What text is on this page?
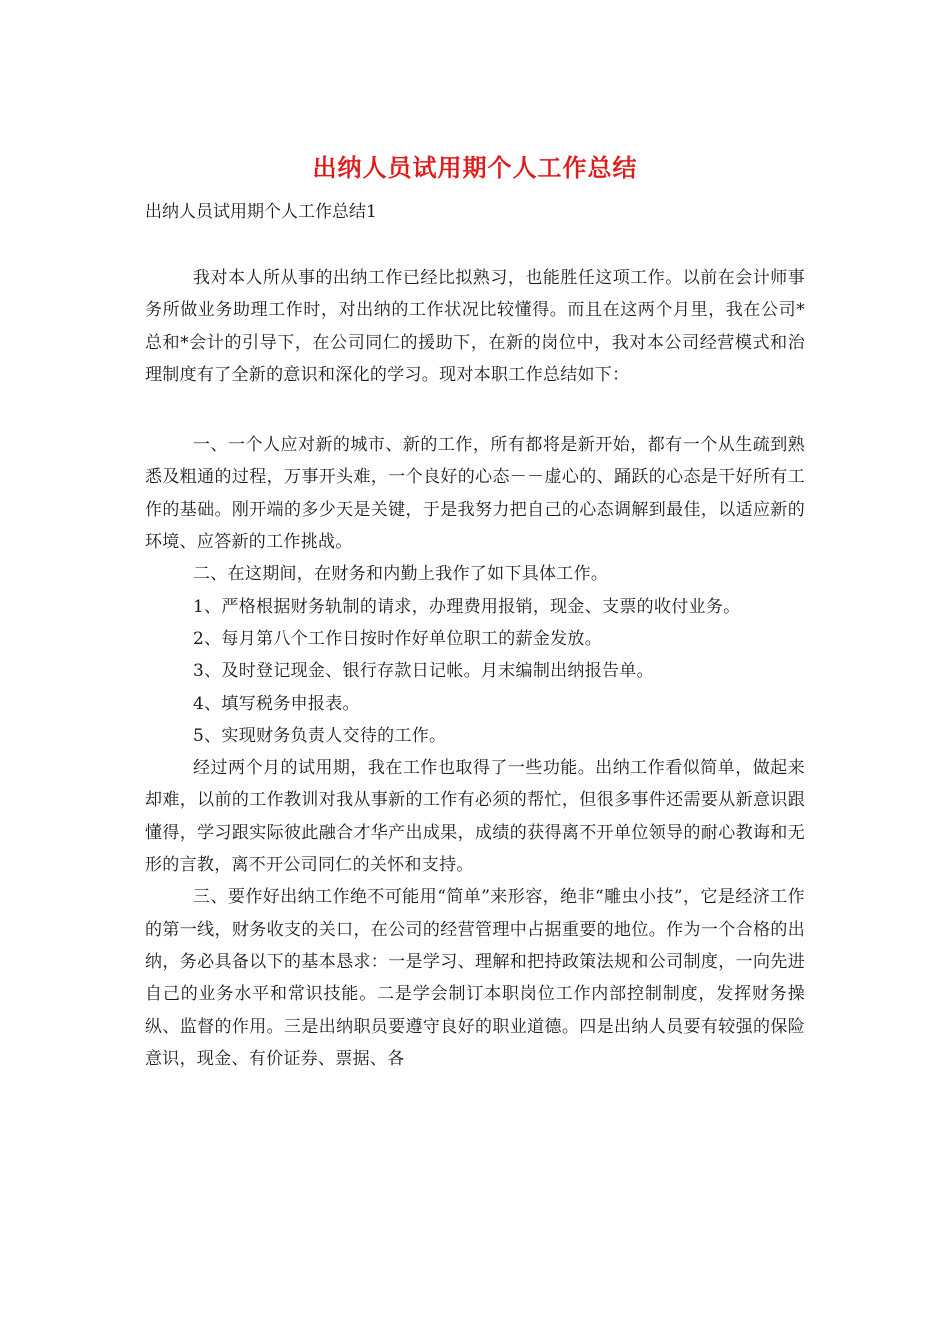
出纳人员试用期个人工作总结
出纳人员试用期个人工作总结1

我对本人所从事的出纳工作已经比拟熟习，也能胜任这项工作。以前在会计师事务所做业务助理工作时，对出纳的工作状况比较懂得。而且在这两个月里，我在公司*总和*会计的引导下，在公司同仁的援助下，在新的岗位中，我对本公司经营模式和治理制度有了全新的意识和深化的学习。现对本职工作总结如下：

一、一个人应对新的城市、新的工作，所有都将是新开始，都有一个从生疏到熟悉及粗通的过程，万事开头难，一个良好的心态－－虚心的、踊跃的心态是干好所有工作的基础。刚开端的多少天是关键，于是我努力把自己的心态调解到最佳，以适应新的环境、应答新的工作挑战。

二、在这期间，在财务和内勤上我作了如下具体工作。

1、严格根据财务轨制的请求，办理费用报销，现金、支票的收付业务。

2、每月第八个工作日按时作好单位职工的薪金发放。

3、及时登记现金、银行存款日记帐。月末编制出纳报告单。

4、填写税务申报表。

5、实现财务负责人交待的工作。

经过两个月的试用期，我在工作也取得了一些功能。出纳工作看似简单，做起来却难，以前的工作教训对我从事新的工作有必须的帮忙，但很多事件还需要从新意识跟懂得，学习跟实际彼此融合才华产出成果，成绩的获得离不开单位领导的耐心教诲和无形的言教，离不开公司同仁的关怀和支持。

三、要作好出纳工作绝不可能用“简单”来形容，绝非“雕虫小技”，它是经济工作的第一线，财务收支的关口，在公司的经营管理中占据重要的地位。作为一个合格的出纳，务必具备以下的基本恳求：一是学习、理解和把持政策法规和公司制度，一向先进自己的业务水平和常识技能。二是学会制订本职岗位工作内部控制制度，发挥财务操纵、监督的作用。三是出纳职员要遵守良好的职业道德。四是出纳人员要有较强的保险意识，现金、有价证券、票据、各
